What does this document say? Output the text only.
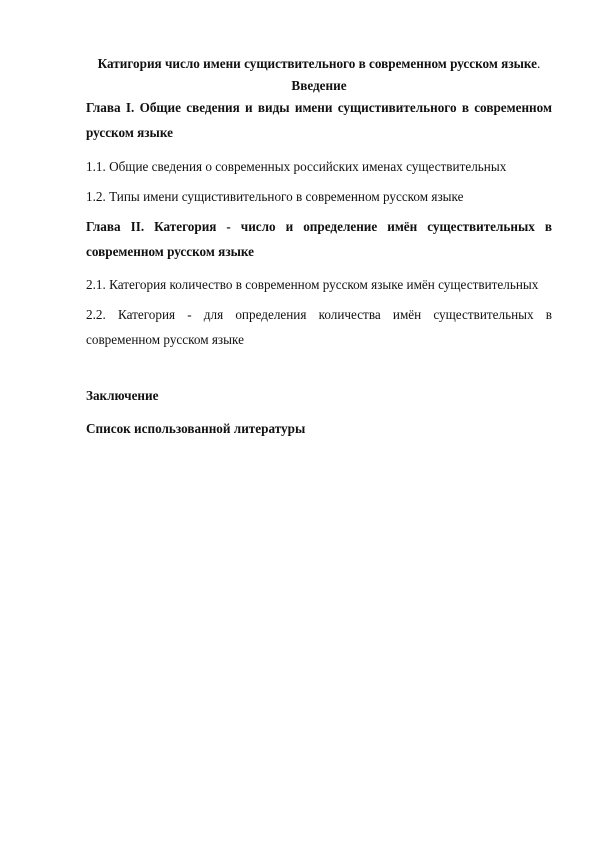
Катигория число имени сущиствительного в современном русском языке.

Введение

Глава I. Общие сведения и виды имени сущистивительного в современном русском языке

1.1. Общие сведения о современных российских именах существительных

1.2. Типы имени сущистивительного в современном русском языке

Глава II. Категория - число и определение имён существительных в современном русском языке

2.1. Категория количество в современном русском языке имён существительных

2.2. Категория - для определения количества имён существительных в современном русском языке

Заключение

Список использованной литературы
